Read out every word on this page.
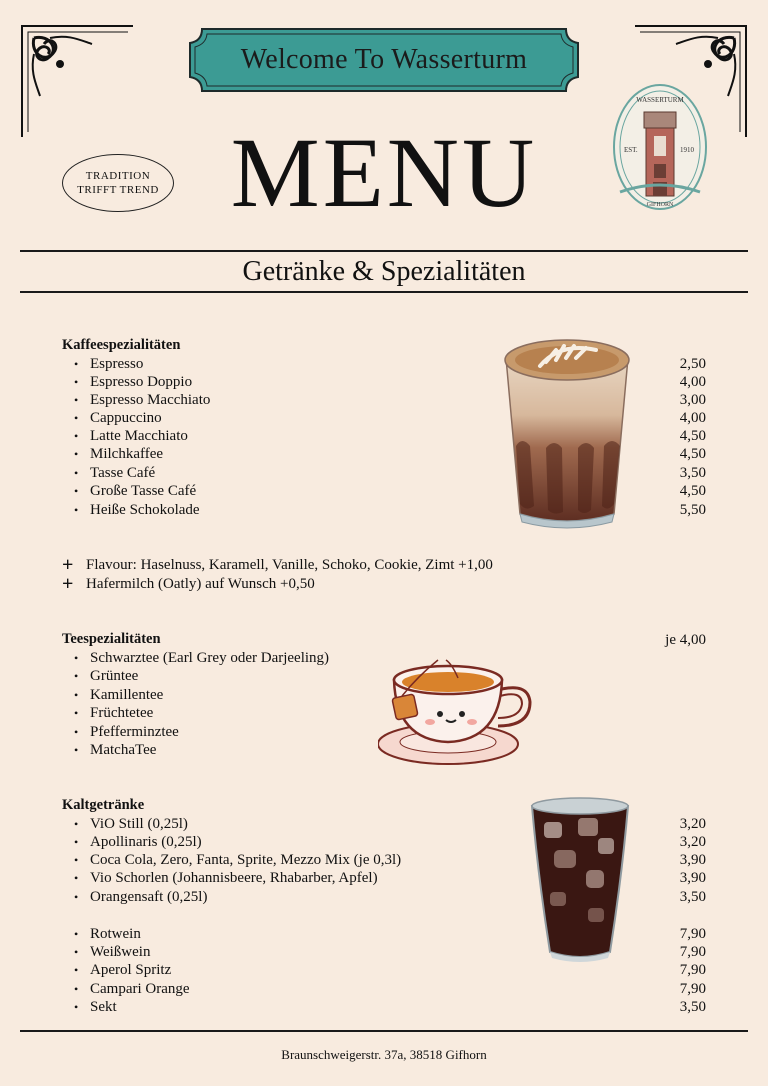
Welcome To Wasserturm
MENU
TRADITION
TRIFFT TREND
WASSERTURM
EST.	1910
GIFHORN
Getränke & Spezialitäten
Kaffeespezialitäten
• Espresso
• Espresso Doppio
• Espresso Macchiato
• Cappuccino
• Latte Macchiato
• Milchkaffee
• Tasse Café
• Große Tasse Café
• Heiße Schokolade
2,50
4,00
3,00
4,00
4,50
4,50
3,50
4,50
5,50
+ Flavour: Haselnuss, Karamell, Vanille, Schoko, Cookie, Zimt +1,00
+ Hafermilch (Oatly) auf Wunsch +0,50
Teespezialitäten	je 4,00
• Schwarztee (Earl Grey oder Darjeeling)
• Grüntee
• Kamillentee
• Früchtetee
• Pfefferminztee
• MatchaTee
Kaltgetränke
• ViO Still (0,25l)
• Apollinaris (0,25l)
• Coca Cola, Zero, Fanta, Sprite, Mezzo Mix (je 0,3l)
• Vio Schorlen (Johannisbeere, Rhabarber, Apfel)
• Orangensaft (0,25l)
3,20
3,20
3,90
3,90
3,50
• Rotwein
• Weißwein
• Aperol Spritz
• Campari Orange
• Sekt
7,90
7,90
7,90
7,90
3,50
Braunschweigerstr. 37a, 38518 Gifhorn
